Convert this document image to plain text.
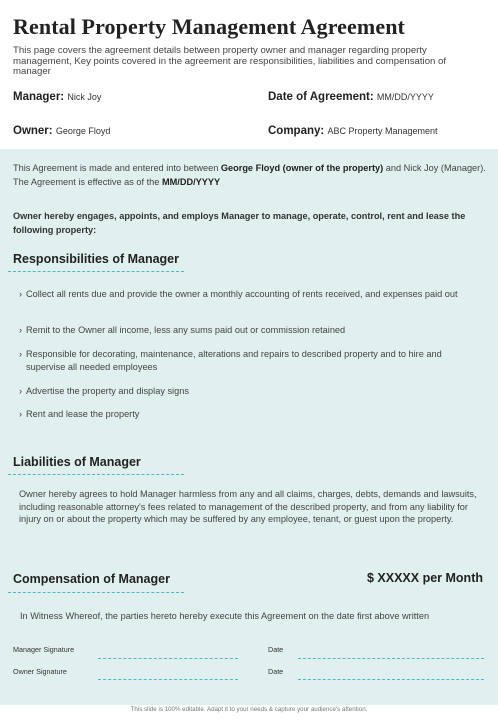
Rental Property Management Agreement
This page covers the agreement details between property owner and manager regarding property management, Key points covered in the agreement are responsibilities, liabilities and compensation of manager
Manager: Nick Joy	Date of Agreement: MM/DD/YYYY
Owner: George Floyd	Company: ABC Property Management
This Agreement is made and entered into between George Floyd (owner of the property) and Nick Joy (Manager). The Agreement is effective as of the MM/DD/YYYY
Owner hereby engages, appoints, and employs Manager to manage, operate, control, rent and lease the following property:
Responsibilities of Manager
› Collect all rents due and provide the owner a monthly accounting of rents received, and expenses paid out
› Remit to the Owner all income, less any sums paid out or commission retained
› Responsible for decorating, maintenance, alterations and repairs to described property and to hire and supervise all needed employees
› Advertise the property and display signs
› Rent and lease the property
Liabilities of Manager
Owner hereby agrees to hold Manager harmless from any and all claims, charges, debts, demands and lawsuits, including reasonable attorney's fees related to management of the described property, and from any liability for injury on or about the property which may be suffered by any employee, tenant, or guest upon the property.
Compensation of Manager	$ XXXXX per Month
In Witness Whereof, the parties hereto hereby execute this Agreement on the date first above written
Manager Signature	Date
Owner Signature	Date
This slide is 100% editable. Adapt it to your needs & capture your audience's attention.
